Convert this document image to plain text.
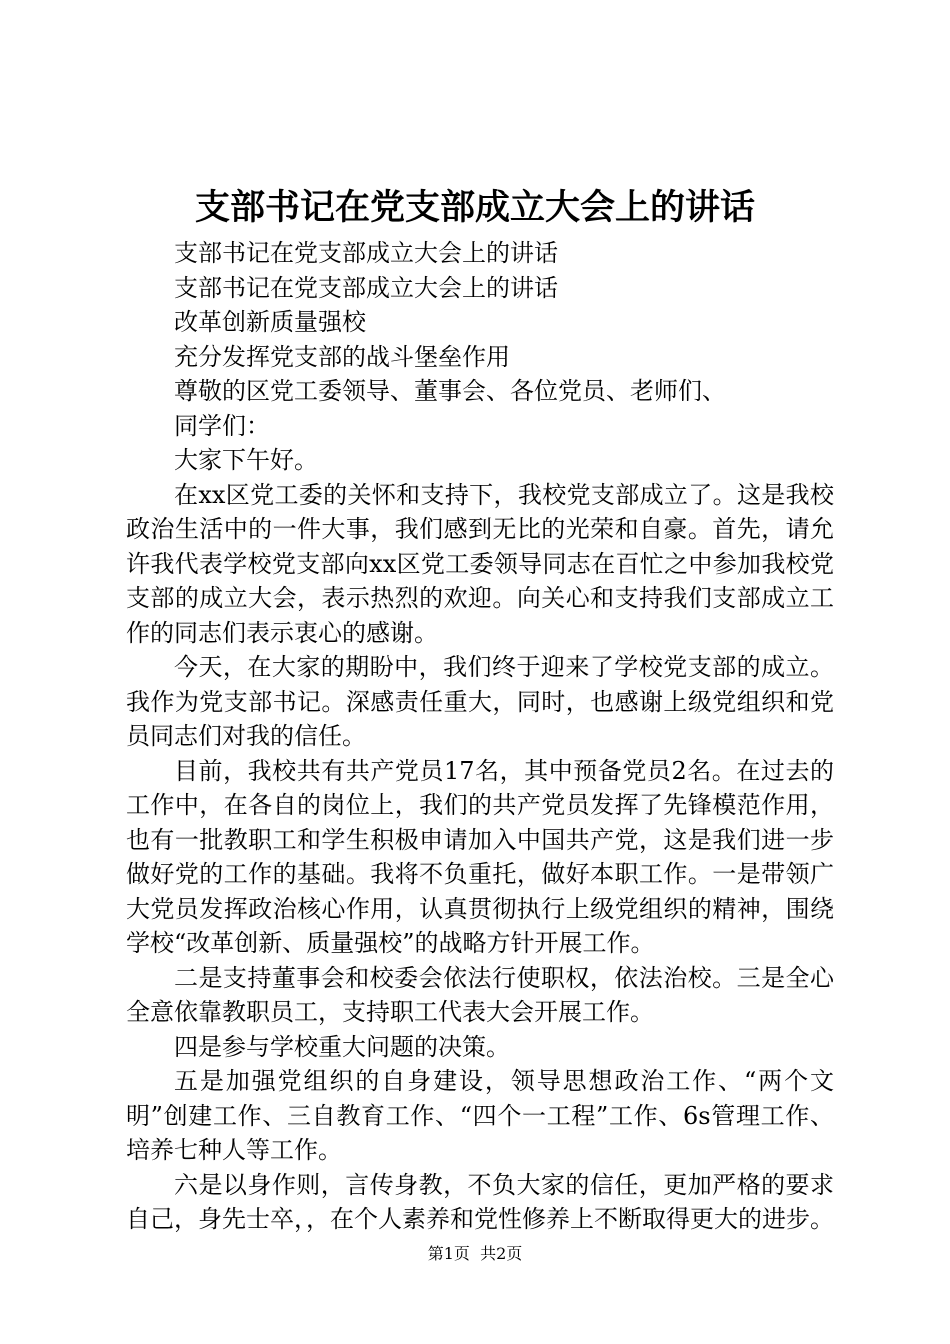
支部书记在党支部成立大会上的讲话

支部书记在党支部成立大会上的讲话

支部书记在党支部成立大会上的讲话

改革创新质量强校

充分发挥党支部的战斗堡垒作用

尊敬的区党工委领导、董事会、各位党员、老师们、

同学们：

大家下午好。

在xx区党工委的关怀和支持下，我校党支部成立了。这是我校政治生活中的一件大事，我们感到无比的光荣和自豪。首先，请允许我代表学校党支部向xx区党工委领导同志在百忙之中参加我校党支部的成立大会，表示热烈的欢迎。向关心和支持我们支部成立工作的同志们表示衷心的感谢。

今天，在大家的期盼中，我们终于迎来了学校党支部的成立。我作为党支部书记。深感责任重大，同时，也感谢上级党组织和党员同志们对我的信任。

目前，我校共有共产党员17名，其中预备党员2名。在过去的工作中，在各自的岗位上，我们的共产党员发挥了先锋模范作用，也有一批教职工和学生积极申请加入中国共产党，这是我们进一步做好党的工作的基础。我将不负重托，做好本职工作。一是带领广大党员发挥政治核心作用，认真贯彻执行上级党组织的精神，围绕学校“改革创新、质量强校”的战略方针开展工作。

二是支持董事会和校委会依法行使职权，依法治校。三是全心全意依靠教职员工，支持职工代表大会开展工作。

四是参与学校重大问题的决策。

五是加强党组织的自身建设，领导思想政治工作、“两个文明”创建工作、三自教育工作、“四个一工程”工作、6s管理工作、培养七种人等工作。

六是以身作则，言传身教，不负大家的信任，更加严格的要求自己，身先士卒，，在个人素养和党性修养上不断取得更大的进步。

第1页  共2页
